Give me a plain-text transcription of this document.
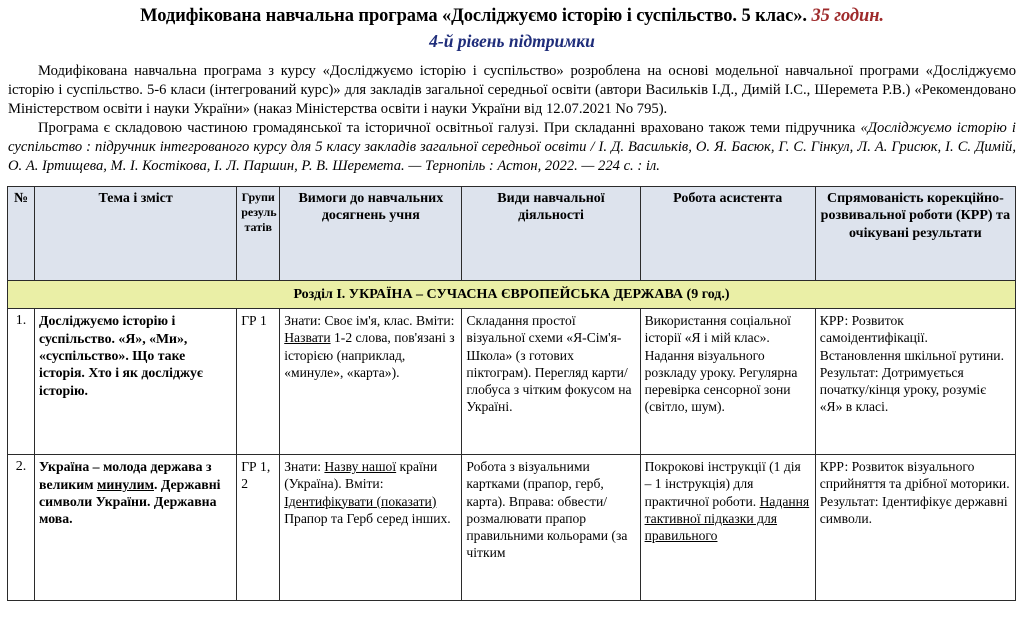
Модифікована навчальна програма «Досліджуємо історію і суспільство. 5 клас». 35 годин.
4-й рівень підтримки

Модифікована навчальна програма з курсу «Досліджуємо історію і суспільство» розроблена на основі модельної навчальної програми «Досліджуємо історію і суспільство. 5-6 класи (інтегрований курс)» для закладів загальної середньої освіти (автори Васильків І.Д., Димій І.С., Шеремета Р.В.) «Рекомендовано Міністерством освіти і науки України» (наказ Міністерства освіти і науки України від 12.07.2021 No 795).

Програма є складовою частиною громадянської та історичної освітньої галузі. При складанні враховано також теми підручника «Досліджуємо історію і суспільство : підручник інтегрованого курсу для 5 класу закладів загальної середньої освіти / І. Д. Васильків, О. Я. Басюк, Г. С. Гінкул, Л. А. Грисюк, І. С. Димій, О. А. Іртищева, М. І. Костікова, І. Л. Паршин, Р. В. Шеремета. — Тернопіль : Астон, 2022. — 224 с. : іл.

№	Тема і зміст	Групи резуль татів	Вимоги до навчальних досягнень учня	Види навчальної діяльності	Робота асистента	Спрямованість корекційно-розвивальної роботи (КРР) та очікувані результати
Розділ І. УКРАЇНА – СУЧАСНА ЄВРОПЕЙСЬКА ДЕРЖАВА (9 год.)						
1.	Досліджуємо історію і суспільство. «Я», «Ми», «суспільство». Що таке історія. Хто і як досліджує історію.	ГР 1	Знати: Своє ім'я, клас. Вміти: Назвати 1-2 слова, пов'язані з історією (наприклад, «минуле», «карта»).	Складання простої візуальної схеми «Я-Сім'я-Школа» (з готових піктограм). Перегляд карти/глобуса з чітким фокусом на Україні.	Використання соціальної історії «Я і мій клас». Надання візуального розкладу уроку. Регулярна перевірка сенсорної зони (світло, шум).	КРР: Розвиток самоідентифікації. Встановлення шкільної рутини. Результат: Дотримується початку/кінця уроку, розуміє «Я» в класі.
2.	Україна – молода держава з великим минулим. Державні символи України. Державна мова.	ГР 1, 2	Знати: Назву нашої країни (Україна). Вміти: Ідентифікувати (показати) Прапор та Герб серед інших.	Робота з візуальними картками (прапор, герб, карта). Вправа: обвести/розмалювати прапор правильними кольорами (за чітким	Покрокові інструкції (1 дія – 1 інструкція) для практичної роботи. Надання тактивної підказки для правильного	КРР: Розвиток візуального сприйняття та дрібної моторики. Результат: Ідентифікує державні символи.
